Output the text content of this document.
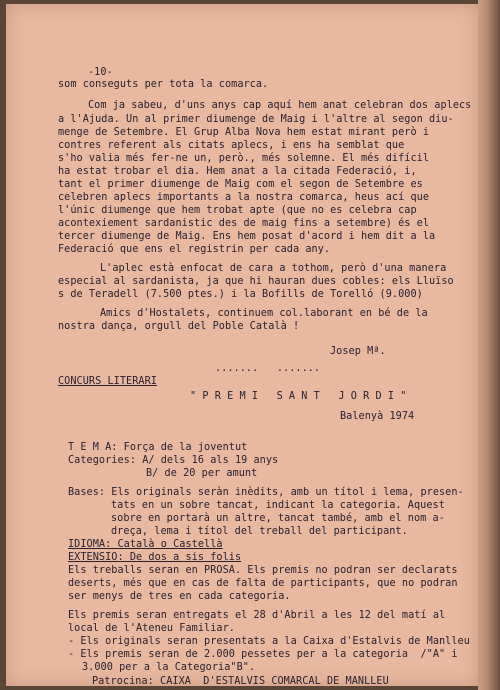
-10-
som conseguts per tota la comarca.
Com ja sabeu, d'uns anys cap aquí hem anat celebran dos aplecs
a l'Ajuda. Un al primer diumenge de Maig i l'altre al segon diu-
menge de Setembre. El Grup Alba Nova hem estat mirant però i
contres referent als citats aplecs, i ens ha semblat que
s'ho valia més fer-ne un, però., més solemne. El més difícil
ha estat trobar el dia. Hem anat a la citada Federació, i,
tant el primer diumenge de Maig com el segon de Setembre es
celebren aplecs importants a la nostra comarca, heus ací que
l'únic diumenge que hem trobat apte (que no es celebra cap
acontexiement sardanistic des de maig fins a setembre) és el
tercer diumenge de Maig. Ens hem posat d'acord i hem dit a la
Federació que ens el registrin per cada any.
L'aplec està enfocat de cara a tothom, però d'una manera
especial al sardanista, ja que hi hauran dues cobles: els Lluïso
s de Teradell (7.500 ptes.) i la Bofills de Torelló (9.000)
Amics d'Hostalets, continuem col.laborant en bé de la
nostra dança, orgull del Poble Català !
Josep Mª.
.......   .......
CONCURS LITERARI
" P R E M I   S A N T   J O R D I "
Balenyà 1974
T E M A: Força de la joventut
Categories: A/ dels 16 als 19 anys
B/ de 20 per amunt
Bases: Els originals seràn inèdits, amb un títol i lema, presen-
tats en un sobre tancat, indicant la categoria. Aquest
sobre en portarà un altre, tancat també, amb el nom a-
dreça, lema i títol del treball del participant.
IDIOMA: Català o Castellà
EXTENSIO: De dos a sis folis
Els treballs seran en PROSA. Els premis no podran ser declarats
deserts, més que en cas de falta de participants, que no podran
ser menys de tres en cada categoria.
Els premis seran entregats el 28 d'Abril a les 12 del matí al
local de l'Ateneu Familiar.
- Els originals seran presentats a la Caixa d'Estalvis de Manlleu
- Els premis seran de 2.000 pessetes per a la categoria  /"A" i
3.000 per a la Categoria"B".
Patrocina: CAIXA  D'ESTALVIS COMARCAL DE MANLLEU
